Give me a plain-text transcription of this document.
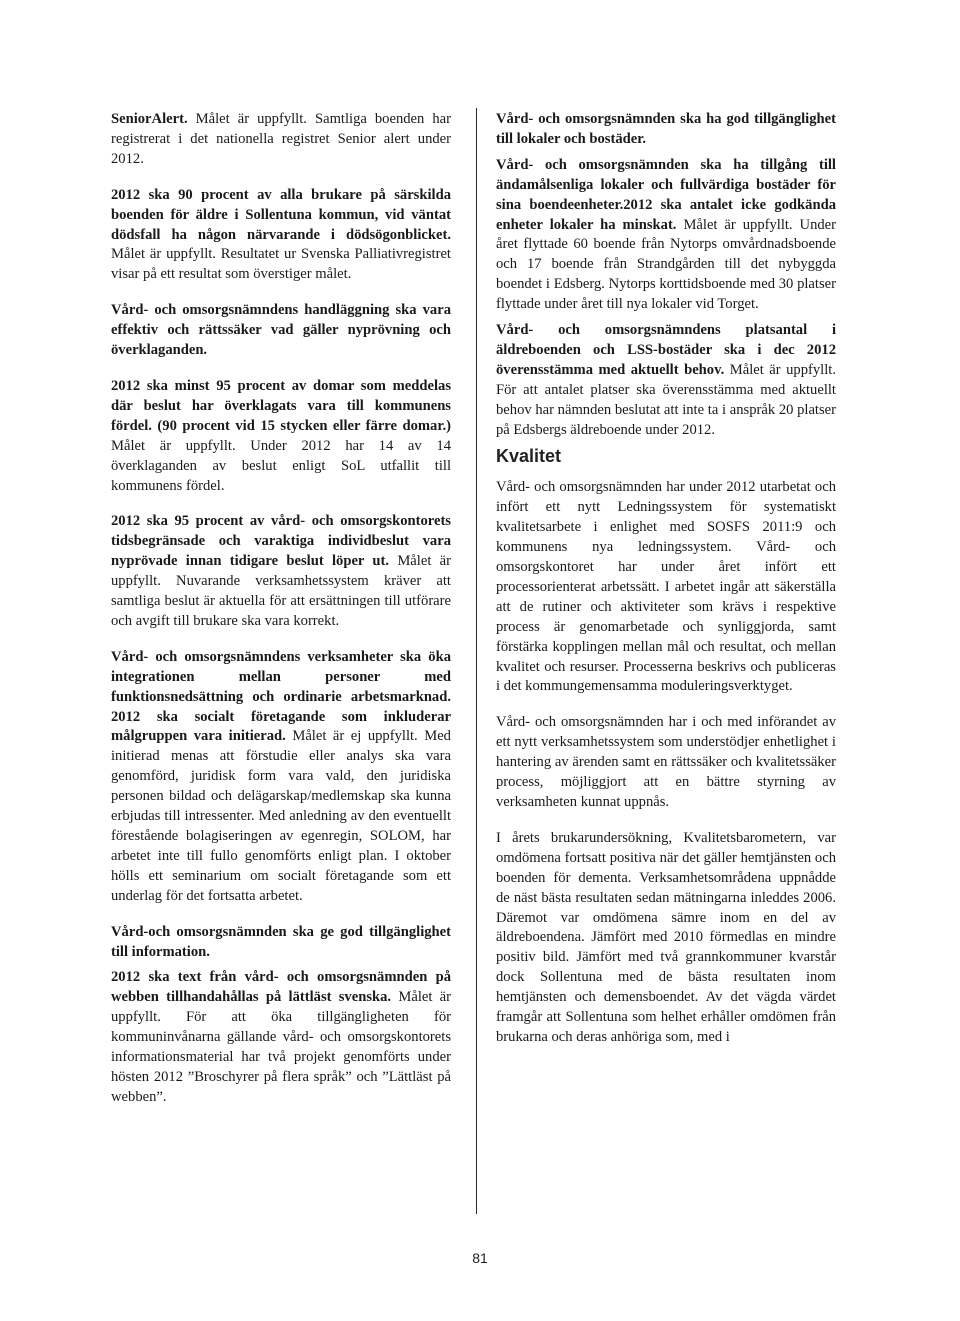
SeniorAlert. Målet är uppfyllt. Samtliga boenden har registrerat i det nationella registret Senior alert under 2012.

2012 ska 90 procent av alla brukare på särskilda boenden för äldre i Sollentuna kommun, vid väntat dödsfall ha någon närvarande i dödsögonblicket. Målet är uppfyllt. Resultatet ur Svenska Palliativregistret visar på ett resultat som överstiger målet.

Vård- och omsorgsnämndens handläggning ska vara effektiv och rättssäker vad gäller nyprövning och överklaganden.

2012 ska minst 95 procent av domar som meddelas där beslut har överklagats vara till kommunens fördel. (90 procent vid 15 stycken eller färre domar.) Målet är uppfyllt. Under 2012 har 14 av 14 överklaganden av beslut enligt SoL utfallit till kommunens fördel.

2012 ska 95 procent av vård- och omsorgskontorets tidsbegränsade och varaktiga individbeslut vara nyprövade innan tidigare beslut löper ut. Målet är uppfyllt. Nuvarande verksamhetssystem kräver att samtliga beslut är aktuella för att ersättningen till utförare och avgift till brukare ska vara korrekt.

Vård- och omsorgsnämndens verksamheter ska öka integrationen mellan personer med funktionsnedsättning och ordinarie arbetsmarknad. 2012 ska socialt företagande som inkluderar målgruppen vara initierad. Målet är ej uppfyllt. Med initierad menas att förstudie eller analys ska vara genomförd, juridisk form vara vald, den juridiska personen bildad och delägarskap/medlemskap ska kunna erbjudas till intressenter. Med anledning av den eventuellt förestående bolagiseringen av egenregin, SOLOM, har arbetet inte till fullo genomförts enligt plan. I oktober hölls ett seminarium om socialt företagande som ett underlag för det fortsatta arbetet.

Vård-och omsorgsnämnden ska ge god tillgänglighet till information.

2012 ska text från vård- och omsorgsnämnden på webben tillhandahållas på lättläst svenska. Målet är uppfyllt. För att öka tillgängligheten för kommuninvånarna gällande vård- och omsorgskontorets informationsmaterial har två projekt genomförts under hösten 2012 ”Broschyrer på flera språk” och ”Lättläst på webben”.

Vård- och omsorgsnämnden ska ha god tillgänglighet till lokaler och bostäder.

Vård- och omsorgsnämnden ska ha tillgång till ändamålsenliga lokaler och fullvärdiga bostäder för sina boendeenheter.2012 ska antalet icke godkända enheter lokaler ha minskat. Målet är uppfyllt. Under året flyttade 60 boende från Nytorps omvårdnadsboende och 17 boende från Strandgården till det nybyggda boendet i Edsberg. Nytorps korttidsboende med 30 platser flyttade under året till nya lokaler vid Torget.

Vård- och omsorgsnämndens platsantal i äldreboenden och LSS-bostäder ska i dec 2012 överensstämma med aktuellt behov. Målet är uppfyllt. För att antalet platser ska överensstämma med aktuellt behov har nämnden beslutat att inte ta i anspråk 20 platser på Edsbergs äldreboende under 2012.

Kvalitet

Vård- och omsorgsnämnden har under 2012 utarbetat och infört ett nytt Ledningssystem för systematiskt kvalitetsarbete i enlighet med SOSFS 2011:9 och kommunens nya ledningssystem. Vård- och omsorgskontoret har under året infört ett processorienterat arbetssätt. I arbetet ingår att säkerställa att de rutiner och aktiviteter som krävs i respektive process är genomarbetade och synliggjorda, samt förstärka kopplingen mellan mål och resultat, och mellan kvalitet och resurser. Processerna beskrivs och publiceras i det kommungemensamma moduleringsverktyget.

Vård- och omsorgsnämnden har i och med införandet av ett nytt verksamhetssystem som understödjer enhetlighet i hantering av ärenden samt en rättssäker och kvalitetssäker process, möjliggjort att en bättre styrning av verksamheten kunnat uppnås.

I årets brukarundersökning, Kvalitetsbarometern, var omdömena fortsatt positiva när det gäller hemtjänsten och boenden för dementa. Verksamhetsområdena uppnådde de näst bästa resultaten sedan mätningarna inleddes 2006. Däremot var omdömena sämre inom en del av äldreboendena. Jämfört med 2010 förmedlas en mindre positiv bild. Jämfört med två grannkommuner kvarstår dock Sollentuna med de bästa resultaten inom hemtjänsten och demensboendet. Av det vägda värdet framgår att Sollentuna som helhet erhåller omdömen från brukarna och deras anhöriga som, med i

81
